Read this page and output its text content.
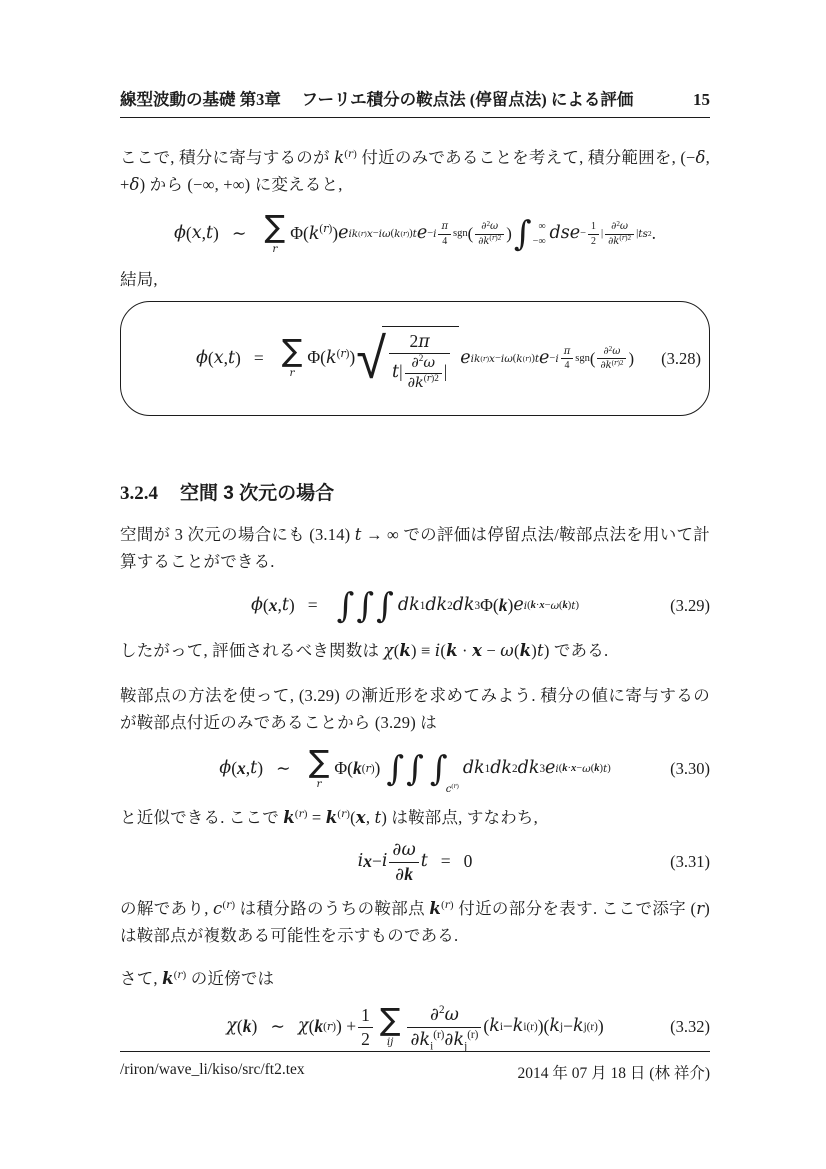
線型波動の基礎 第3章　 フーリエ積分の鞍点法 (停留点法) による評価	15

ここで, 積分に寄与するのが $k^{(r)}$ 付近のみであることを考えて, 積分範囲を, (−δ, +δ) から (−∞, +∞) に変えると,

ϕ ( x , t ) ∼ ∑
r
$\Phi(k^{(r)})$ e ik (r) x − iω ( k (r) ) t e − i $\frac{\pi}{4}$ sgn ( $\frac{\partial^2\omega}{\partial k^{(r)2}}$ ) ∫ ∞
−∞ ds $e - \frac{1}{2}$ | $\frac{\partial^2\omega}{\partial k^{(r)2}}$ | ts 2 .

結局,

ϕ ( x , t ) = ∑
r
$\Phi(k^{(r)})$ √ $\frac{2\pi}{t| \frac{\partial^2\omega}{\partial k^{(r)2}} |}$ e ik (r) x − iω ( k (r) ) t e − i $\frac{\pi}{4}$ sgn ( $\frac{\partial^2\omega}{\partial k^{(r)2}}$ ) (3.28)
3.2.4 空間 3 次元の場合

空間が 3 次元の場合にも (3.14) t → ∞ での評価は停留点法/鞍部点法を用いて計算することができる.

ϕ ( x , t ) = ∫∫∫ dk 1 dk 2 dk 3 Φ( k ) e i ( k · x − ω ( k ) t )	(3.29)

したがって, 評価されるべき関数は χ(k) ≡ i(k · x − ω(k)t) である.

鞍部点の方法を使って, (3.29) の漸近形を求めてみよう. 積分の値に寄与するのが鞍部点付近のみであることから (3.29) は

ϕ ( x , t ) ∼ ∑
r
Φ( k (r) ) ∫∫ ∫
$c^{(r)}$
dk 1 dk 2 dk 3 e i ( k · x − ω ( k ) t )	(3.30)

と近似できる. ここで $k^{(r)} = k^{(r)}(x$, t) は鞍部点, すなわち,

i x − i $\frac{\partial\omega}{\partial k}$ t = 0	(3.31)

の解であり, $c^{(r)}$ は積分路のうちの鞍部点 $k^{(r)}$ 付近の部分を表す. ここで添字 (r) は鞍部点が複数ある可能性を示すものである.

さて, $k^{(r)}$ の近傍では

χ ( k ) ∼ χ ( k (r) ) + $\frac{1}{2}$ ∑
ij $\frac{\partial^2\omega}{\partial k_i^{(r)}\partial k_j^{(r)}}$ ( k i − k i (r) )( k j − k j (r) )	(3.32)
/riron/wave_li/kiso/src/ft2.tex	2014 年 07 月 18 日 (林 祥介)
